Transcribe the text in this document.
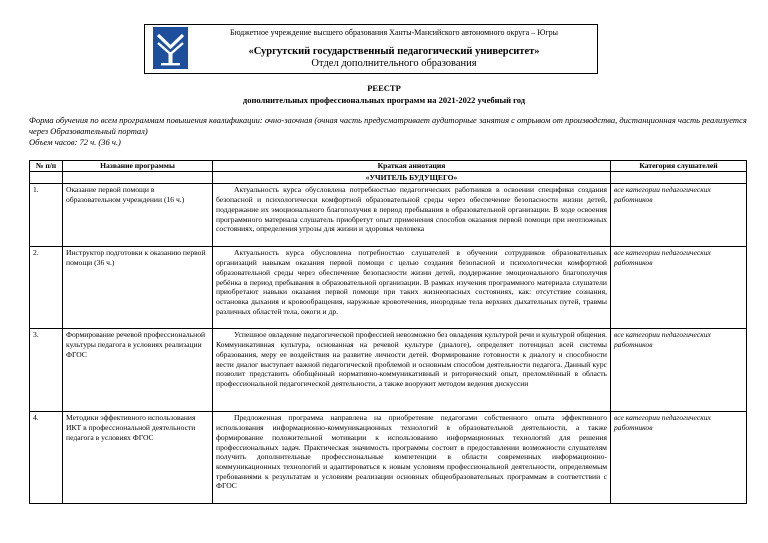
Бюджетное учреждение высшего образования Ханты-Мансийского автономного округа – Югры
«Сургутский государственный педагогический университет»
Отдел дополнительного образования
РЕЕСТР
дополнительных профессиональных программ на 2021-2022 учебный год
Форма обучения по всем программам повышения квалификации: очно-заочная (очная часть предусматривает аудиторные занятия с отрывом от производства, дистанционная часть реализуется через Образовательный портал)
Объем часов: 72 ч. (36 ч.)
№ п/п	Название программы	Краткая аннотация	Категория слушателей
		«УЧИТЕЛЬ БУДУЩЕГО»	
1.	Оказание первой помощи в образовательном учреждении (16 ч.)	Актуальность курса обусловлена потребностью педагогических работников в освоении специфики создания безопасной и психологически комфортной образовательной среды через обеспечение безопасности жизни детей, поддержание их эмоционального благополучия в период пребывания в образовательной организации. В ходе освоения программного материала слушатель приобретут опыт применения способов оказания первой помощи при неотложных состояниях, определения угрозы для жизни и здоровья человека	все категории педагогических работников
2.	Инструктор подготовки к оказанию первой помощи (36 ч.)	Актуальность курса обусловлена потребностью слушателей в обучении сотрудников образовательных организаций навыкам оказания первой помощи с целью создания безопасной и психологически комфортной образовательной среды через обеспечение безопасности жизни детей, поддержание эмоционального благополучия ребёнка в период пребывания в образовательной организации. В рамках изучения программного материала слушатели приобретают навыки оказания первой помощи при таких жизнеопасных состояниях, как: отсутствие сознания, остановка дыхания и кровообращения, наружные кровотечения, инородные тела верхних дыхательных путей, травмы различных областей тела, ожоги и др.	все категории педагогических работников
3.	Формирование речевой профессиональной культуры педагога в условиях реализации ФГОС	Успешное овладение педагогической профессией невозможно без овладения культурой речи и культурой общения. Коммуникативная культура, основанная на речевой культуре (диалоге), определяет потенциал всей системы образования, меру ее воздействия на развитие личности детей. Формирование готовности к диалогу и способности вести диалог выступает важной педагогической проблемой и основным способом деятельности педагога. Данный курс позволит представить обобщённый нормативно-коммуникативный и риторический опыт, преломлённый в область профессиональной педагогической деятельности, а также вооружит методом ведения дискуссии	все категории педагогических работников
4.	Методики эффективного использования ИКТ в профессиональной деятельности педагога в условиях ФГОС	Предложенная программа направлена на приобретение педагогами собственного опыта эффективного использования информационно-коммуникационных технологий в образовательной деятельности, а также формирование положительной мотивации к использованию информационных технологий для решения профессиональных задач. Практическая значимость программы состоит в предоставлении возможности слушателям получить дополнительные профессиональные компетенции в области современных информационно-коммуникационных технологий и адаптироваться к новым условиям профессиональной деятельности, определяемым требованиями к результатам и условиям реализации основных общеобразовательных программам в соответствии с ФГОС	все категории педагогических работников
